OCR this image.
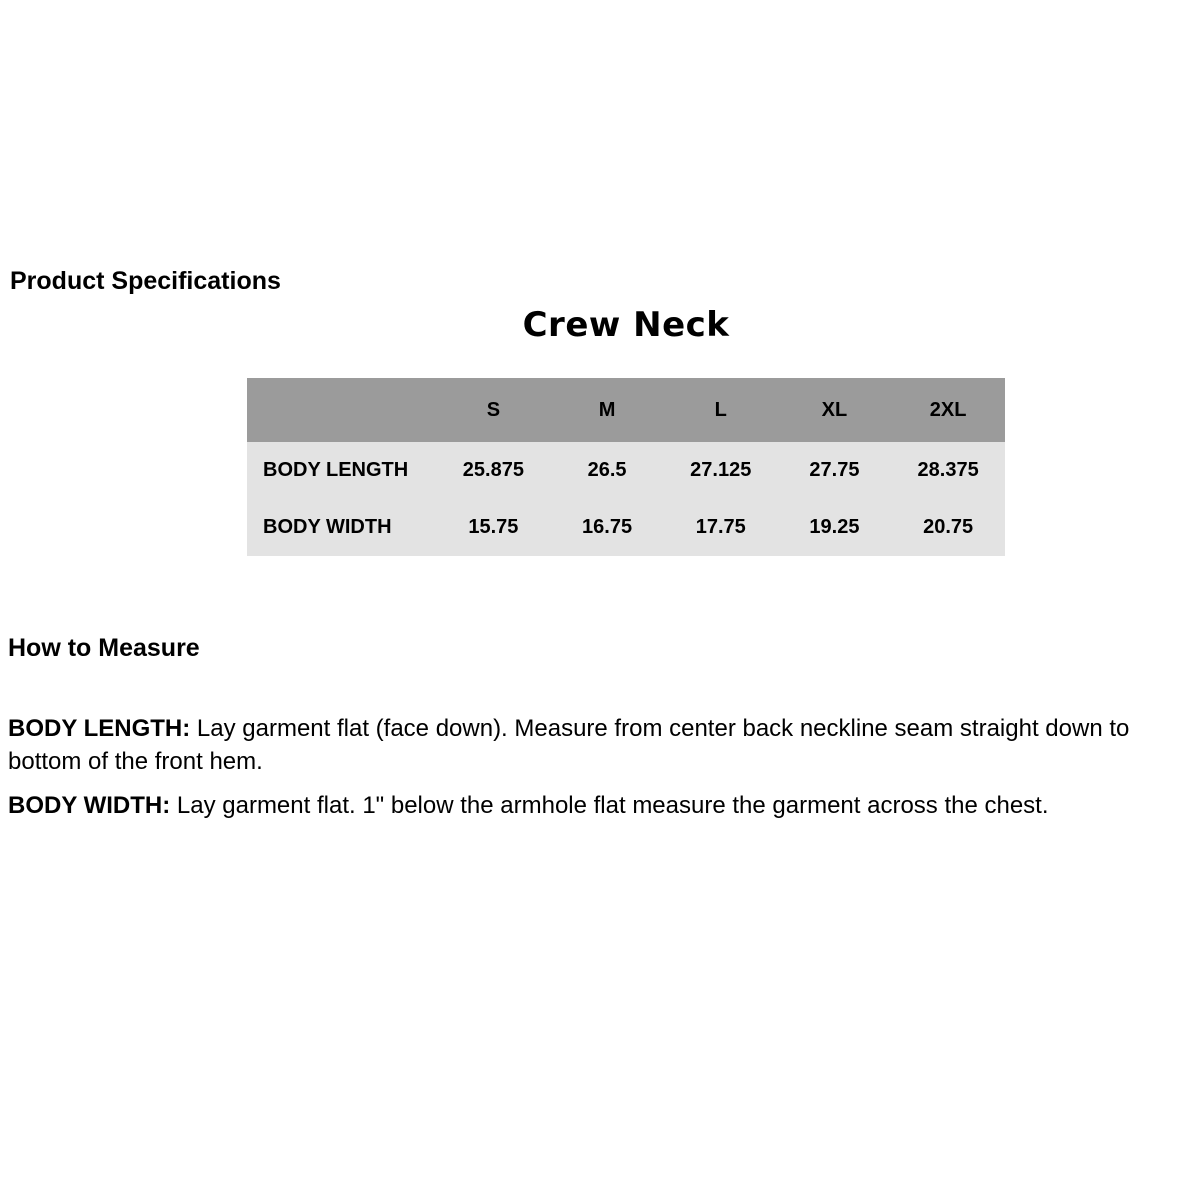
Product Specifications
Crew Neck
	S	M	L	XL	2XL
BODY LENGTH	25.875	26.5	27.125	27.75	28.375
BODY WIDTH	15.75	16.75	17.75	19.25	20.75
How to Measure

BODY LENGTH: Lay garment flat (face down). Measure from center back neckline seam straight down to bottom of the front hem.

BODY WIDTH: Lay garment flat. 1" below the armhole flat measure the garment across the chest.
